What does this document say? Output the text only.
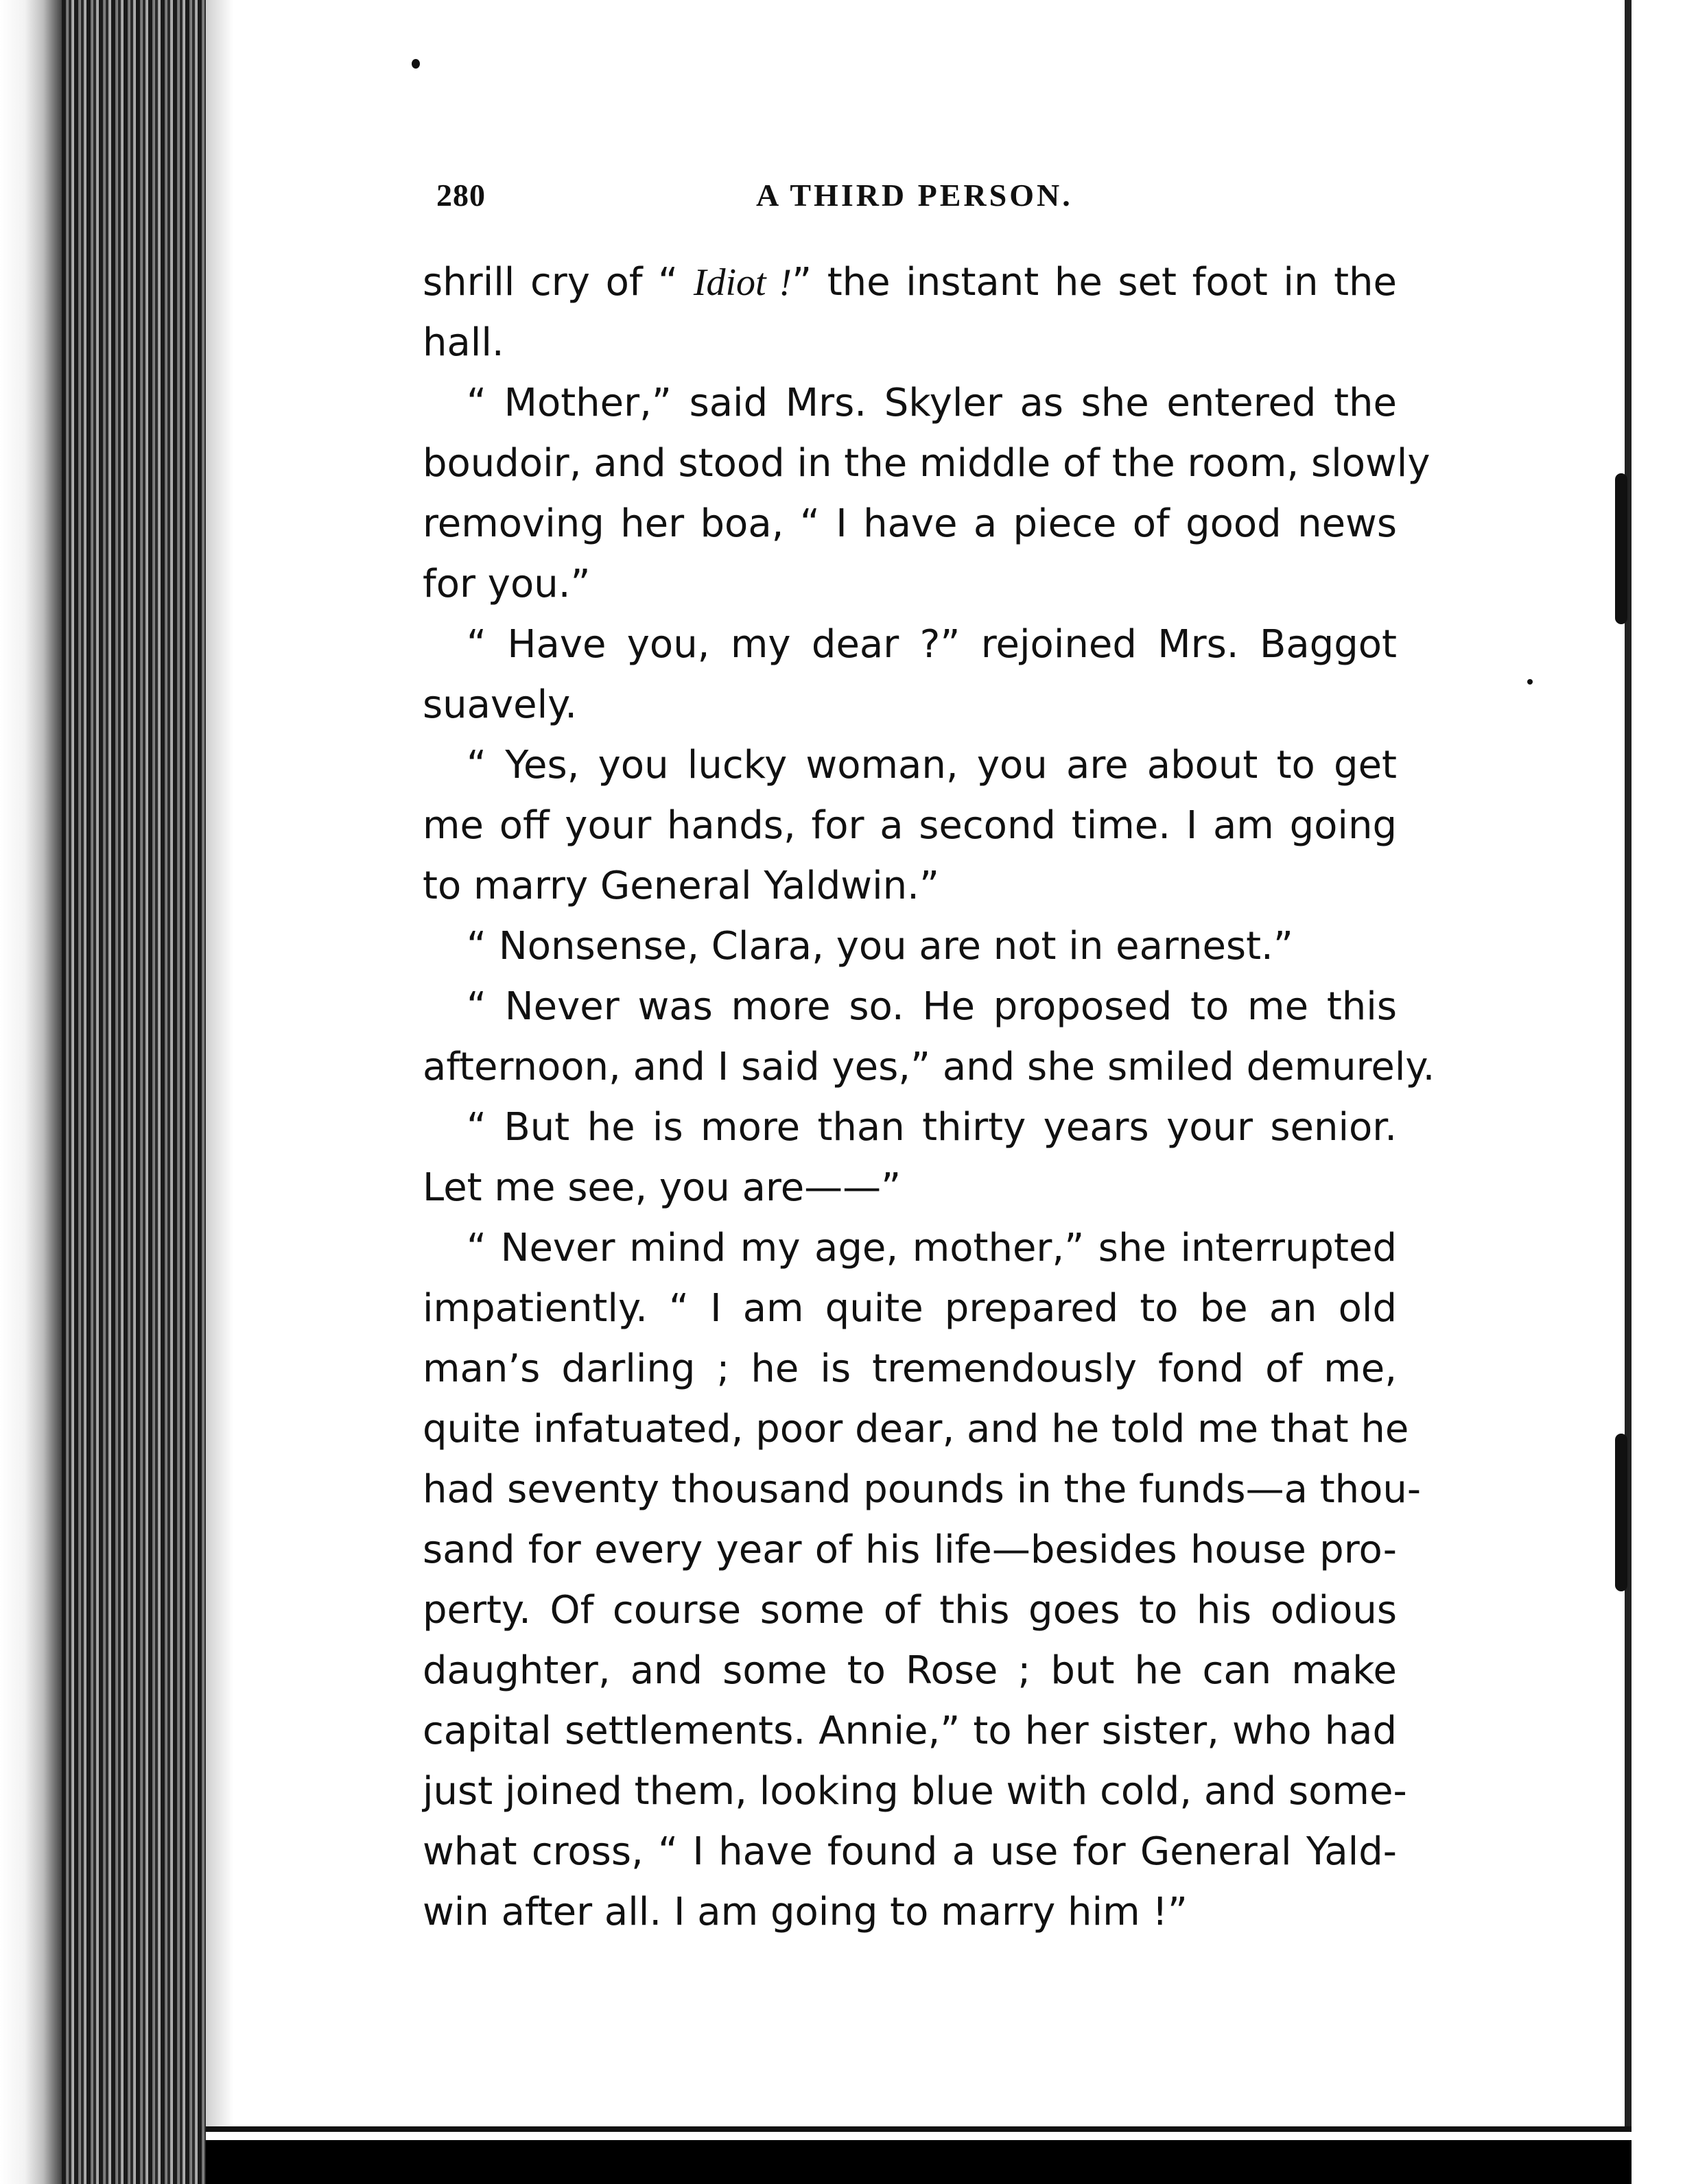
280	A THIRD PERSON.
shrill cry of “ Idiot !” the instant he set foot in the
hall.
“ Mother,” said Mrs. Skyler as she entered the
boudoir, and stood in the middle of the room, slowly
removing her boa, “ I have a piece of good news
for you.”
“ Have you, my dear ?” rejoined Mrs. Baggot
suavely.
“ Yes, you lucky woman, you are about to get
me off your hands, for a second time. I am going
to marry General Yaldwin.”
“ Nonsense, Clara, you are not in earnest.”
“ Never was more so. He proposed to me this
afternoon, and I said yes,” and she smiled demurely.
“ But he is more than thirty years your senior.
Let me see, you are——”
“ Never mind my age, mother,” she interrupted
impatiently. “ I am quite prepared to be an old
man’s darling ; he is tremendously fond of me,
quite infatuated, poor dear, and he told me that he
had seventy thousand pounds in the funds—a thou-
sand for every year of his life—besides house pro-
perty. Of course some of this goes to his odious
daughter, and some to Rose ; but he can make
capital settlements. Annie,” to her sister, who had
just joined them, looking blue with cold, and some-
what cross, “ I have found a use for General Yald-
win after all. I am going to marry him !”
